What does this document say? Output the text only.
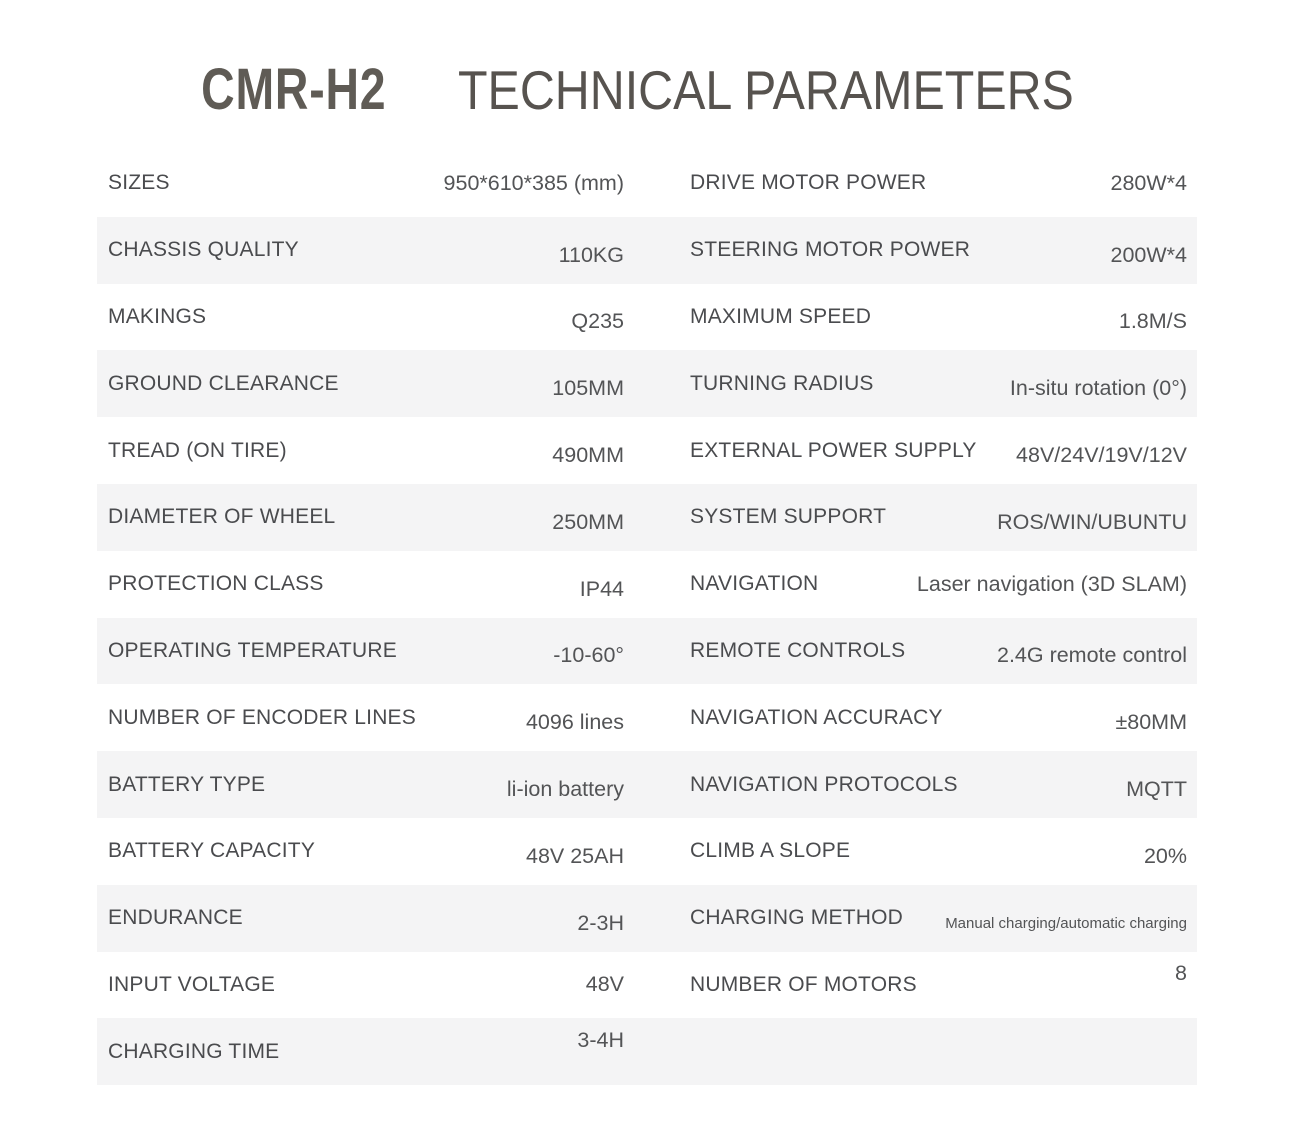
CMR-H2 TECHNICAL PARAMETERS
SIZES	950*610*385 (mm)	DRIVE MOTOR POWER	280W*4
CHASSIS QUALITY	110KG	STEERING MOTOR POWER	200W*4
MAKINGS	Q235	MAXIMUM SPEED	1.8M/S
GROUND CLEARANCE	105MM	TURNING RADIUS	In-situ rotation (0°)
TREAD (ON TIRE)	490MM	EXTERNAL POWER SUPPLY 48V/24V/19V/12V
DIAMETER OF WHEEL	250MM	SYSTEM SUPPORT	ROS/WIN/UBUNTU
PROTECTION CLASS	IP44	NAVIGATION	Laser navigation (3D SLAM)
OPERATING TEMPERATURE	-10-60°	REMOTE CONTROLS	2.4G remote control
NUMBER OF ENCODER LINES	4096 lines	NAVIGATION ACCURACY	±80MM
BATTERY TYPE	li-ion battery	NAVIGATION PROTOCOLS	MQTT
BATTERY CAPACITY	48V 25AH	CLIMB A SLOPE	20%
ENDURANCE	2-3H	CHARGING METHOD	Manual charging/automatic charging
INPUT VOLTAGE	48V	NUMBER OF MOTORS	8
CHARGING TIME	3-4H
